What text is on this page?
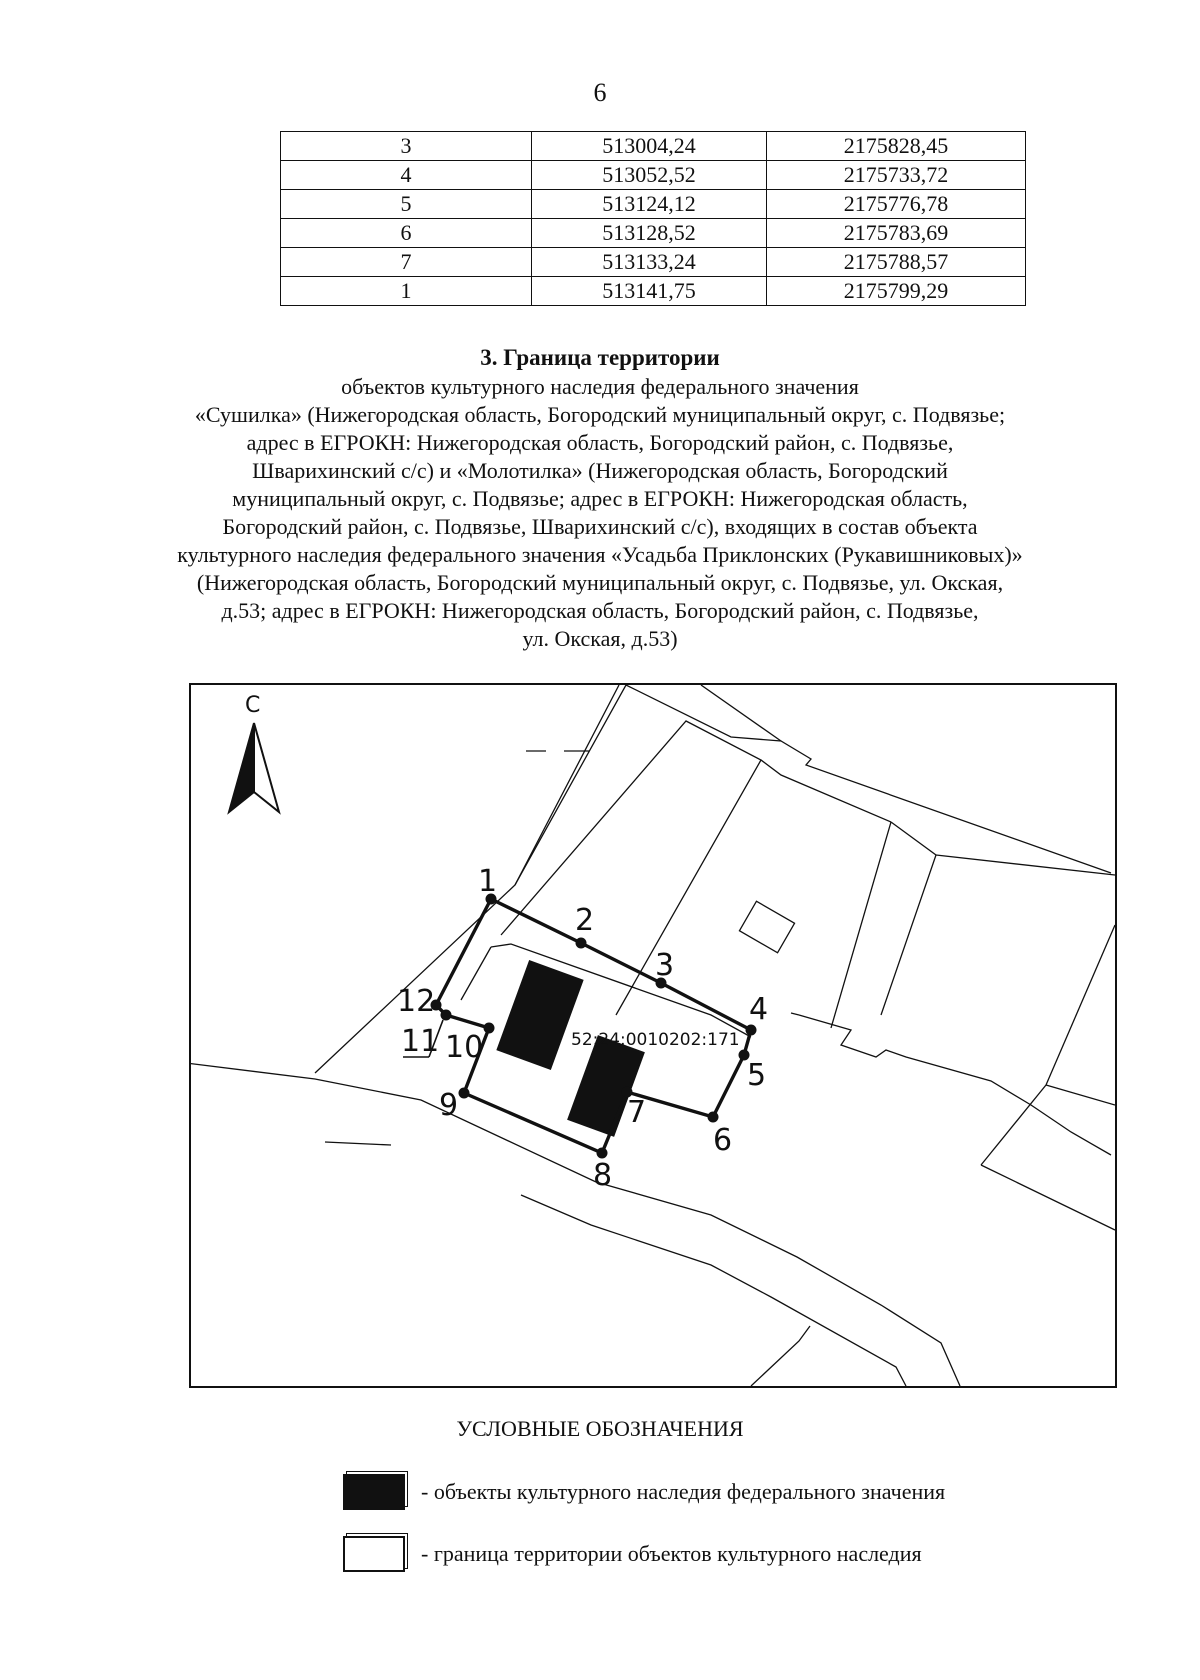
6
3	513004,24	2175828,45
4	513052,52	2175733,72
5	513124,12	2175776,78
6	513128,52	2175783,69
7	513133,24	2175788,57
1	513141,75	2175799,29
3. Граница территории
объектов культурного наследия федерального значения
«Сушилка» (Нижегородская область, Богородский муниципальный округ, с. Подвязье;
адрес в ЕГРОКН: Нижегородская область, Богородский район, с. Подвязье,
Шварихинский с/с) и «Молотилка» (Нижегородская область, Богородский
муниципальный округ, с. Подвязье; адрес в ЕГРОКН: Нижегородская область,
Богородский район, с. Подвязье, Шварихинский с/с), входящих в состав объекта
культурного наследия федерального значения «Усадьба Приклонских (Рукавишниковых)»
(Нижегородская область, Богородский муниципальный округ, с. Подвязье, ул. Окская,
д.53; адрес в ЕГРОКН: Нижегородская область, Богородский район, с. Подвязье,
ул. Окская, д.53)
1
2
3
4
5
6
7
8
9
10
11
12
52:24:0010202:171
С
УСЛОВНЫЕ ОБОЗНАЧЕНИЯ
- объекты культурного наследия федерального значения
- граница территории объектов культурного наследия
